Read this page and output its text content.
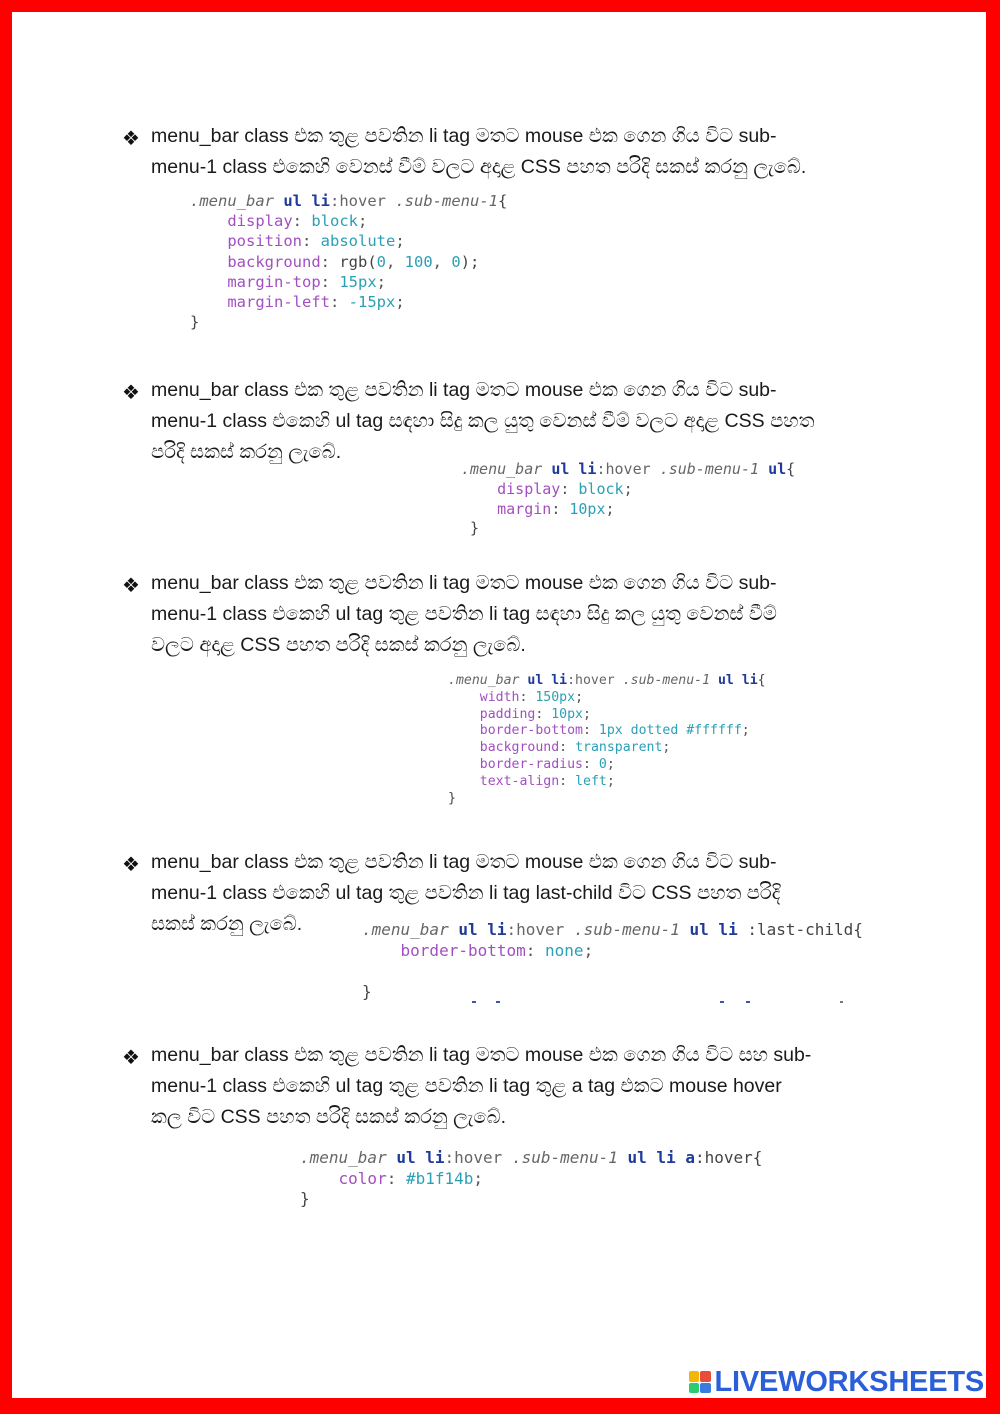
❖ menu_bar class එක තුළ පවතින li tag මතට mouse එක ගෙන ගිය විට sub-

menu-1 class එකෙහි වෙනස් වීම් වලට අදාළ CSS පහත පරිදි සකස් කරනු ලැබේ.

.menu_bar ul li:hover .sub-menu-1{
display: block;
position: absolute;
background: rgb(0, 100, 0);
margin-top: 15px;
margin-left: -15px;
}
❖ menu_bar class එක තුළ පවතින li tag මතට mouse එක ගෙන ගිය විට sub-

menu-1 class එකෙහි ul tag සඳහා සිදු කල යුතු වෙනස් වීම් වලට අදාළ CSS පහත

පරිදි සකස් කරනු ලැබේ.

.menu_bar ul li:hover .sub-menu-1 ul{
display: block;
margin: 10px;
}
❖ menu_bar class එක තුළ පවතින li tag මතට mouse එක ගෙන ගිය විට sub-

menu-1 class එකෙහි ul tag තුළ පවතින li tag සඳහා සිදු කල යුතු වෙනස් වීම්

වලට අදාළ CSS පහත පරිදි සකස් කරනු ලැබේ.

.menu_bar ul li:hover .sub-menu-1 ul li{
width: 150px;
padding: 10px;
border-bottom: 1px dotted #ffffff;
background: transparent;
border-radius: 0;
text-align: left;
}
❖ menu_bar class එක තුළ පවතින li tag මතට mouse එක ගෙන ගිය විට sub-

menu-1 class එකෙහි ul tag තුළ පවතින li tag last-child විට CSS පහත පරිදි

සකස් කරනු ලැබේ.	.menu_bar ul li:hover .sub-menu-1 ul li :last-child{
border-bottom: none;

}
❖ menu_bar class එක තුළ පවතින li tag මතට mouse එක ගෙන ගිය විට සහ sub-

menu-1 class එකෙහි ul tag තුළ පවතින li tag තුළ a tag එකට mouse hover

කල විට CSS පහත පරිදි සකස් කරනු ලැබේ.

.menu_bar ul li:hover .sub-menu-1 ul li a:hover{
color: #b1f14b;
}
LIVEWORKSHEETS
